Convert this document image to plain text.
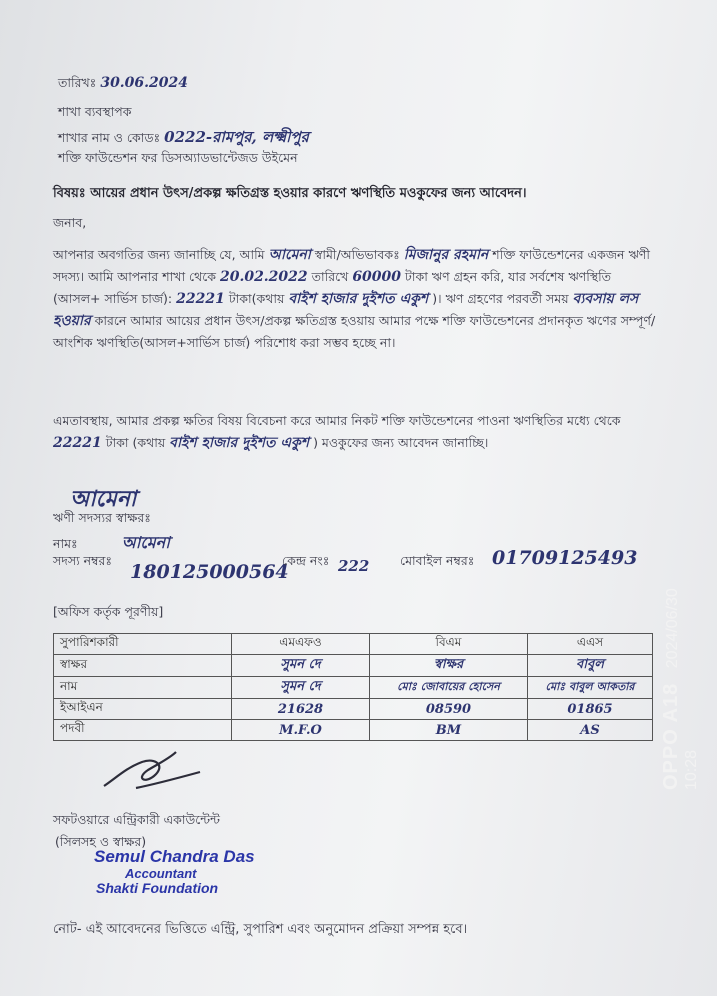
তারিখঃ 30.06.2024
শাখা ব্যবস্থাপক
শাখার নাম ও কোডঃ 0222-রামপুর, লক্ষ্মীপুর
শক্তি ফাউন্ডেশন ফর ডিসঅ্যাডভান্টেজড উইমেন
বিষয়ঃ আয়ের প্রধান উৎস/প্রকল্প ক্ষতিগ্রস্ত হওয়ার কারণে ঋণস্থিতি মওকুফের জন্য আবেদন।
জনাব,
আপনার অবগতির জন্য জানাচ্ছি যে, আমি আমেনা স্বামী/অভিভাবকঃ মিজানুর রহমান শক্তি ফাউন্ডেশনের একজন ঋণী সদস্য। আমি আপনার শাখা থেকে 20.02.2022 তারিখে 60000 টাকা ঋণ গ্রহন করি, যার সর্বশেষ ঋণস্থিতি (আসল+ সার্ভিস চার্জ): 22221 টাকা(কথায় বাইশ হাজার দুইশত একুশ )। ঋণ গ্রহণের পরবর্তী সময় ব্যবসায় লস হওয়ার কারনে আমার আয়ের প্রধান উৎস/প্রকল্প ক্ষতিগ্রস্ত হওয়ায় আমার পক্ষে শক্তি ফাউন্ডেশনের প্রদানকৃত ঋণের সম্পূর্ণ/আংশিক ঋণস্থিতি(আসল+সার্ভিস চার্জ) পরিশোধ করা সম্ভব হচ্ছে না।
এমতাবস্থায়, আমার প্রকল্প ক্ষতির বিষয় বিবেচনা করে আমার নিকট শক্তি ফাউন্ডেশনের পাওনা ঋণস্থিতির মধ্যে থেকে 22221 টাকা (কথায় বাইশ হাজার দুইশত একুশ ) মওকুফের জন্য আবেদন জানাচ্ছি।
আমেনা
ঋণী সদস্যর স্বাক্ষরঃ
নামঃ	আমেনা
সদস্য নম্বরঃ
180125000564
কেন্দ্র নংঃ 222 মোবাইল নম্বরঃ 01709125493
[অফিস কর্তৃক পূরণীয়]
সুপারিশকারী	এমএফও	বিএম	এএস
স্বাক্ষর	সুমন দে	স্বাক্ষর	বাবুল
নাম	সুমন দে	মোঃ জোবায়ের হোসেন	মোঃ বাবুল আকতার
ইআইএন	21628	08590	01865
পদবী	M.F.O	BM	AS
সফটওয়ারে এন্ট্রিকারী একাউন্টেন্ট
(সিলসহ ও স্বাক্ষর)
Semul Chandra Das
Accountant
Shakti Foundation
নোট- এই আবেদনের ভিত্তিতে এন্ট্রি, সুপারিশ এবং অনুমোদন প্রক্রিয়া সম্পন্ন হবে।
OPPO A18 2024/06/30 10:28
